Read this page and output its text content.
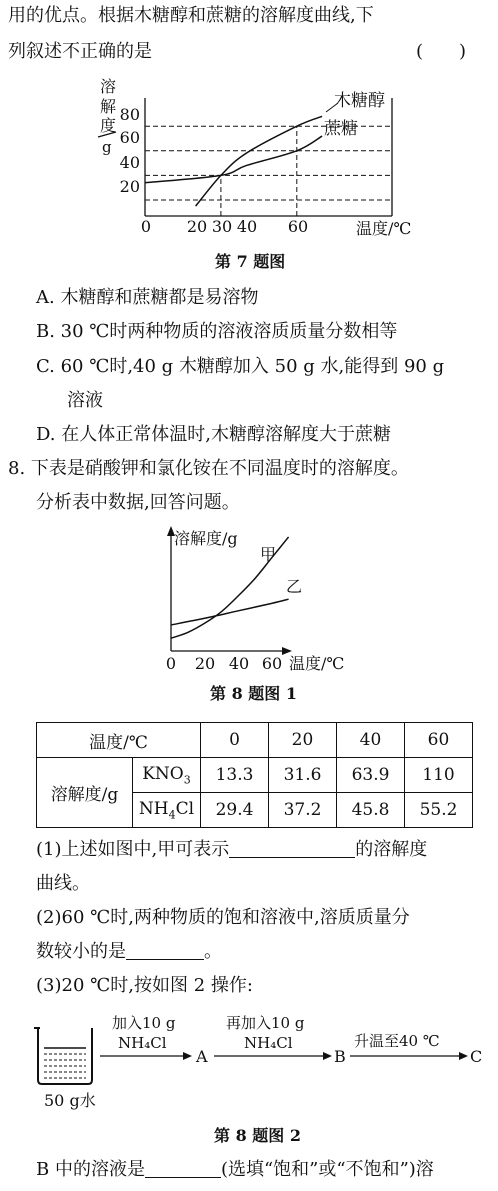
用的优点。根据木糖醇和蔗糖的溶解度曲线,下
列叙述不正确的是	(　　)
溶
解
度
g
20
40
60
80
0 20 30 40 60	温度/℃
木糖醇
蔗糖
第 7 题图
A. 木糖醇和蔗糖都是易溶物
B. 30 ℃时两种物质的溶液溶质质量分数相等
C. 60 ℃时,40 g 木糖醇加入 50 g 水,能得到 90 g
溶液
D. 在人体正常体温时,木糖醇溶解度大于蔗糖
8. 下表是硝酸钾和氯化铵在不同温度时的溶解度。
分析表中数据,回答问题。
溶解度/g
甲
乙
0 20 40 60 温度/℃
第 8 题图 1
温度/℃		0	20	40	60
溶解度/g	$KNO_3$	13.3	31.6	63.9	110
	$NH_4Cl$	29.4	37.2	45.8	55.2
(1)上述如图中,甲可表示	的溶解度
曲线。
(2)60 ℃时,两种物质的饱和溶液中,溶质质量分
数较小的是	。
(3)20 ℃时,按如图 2 操作:
50 g水
加入10 g
NH₄Cl
A
再加入10 g
NH₄Cl
B
升温至40 ℃
C
第 8 题图 2
B 中的溶液是	(选填“饱和”或“不饱和”)溶
